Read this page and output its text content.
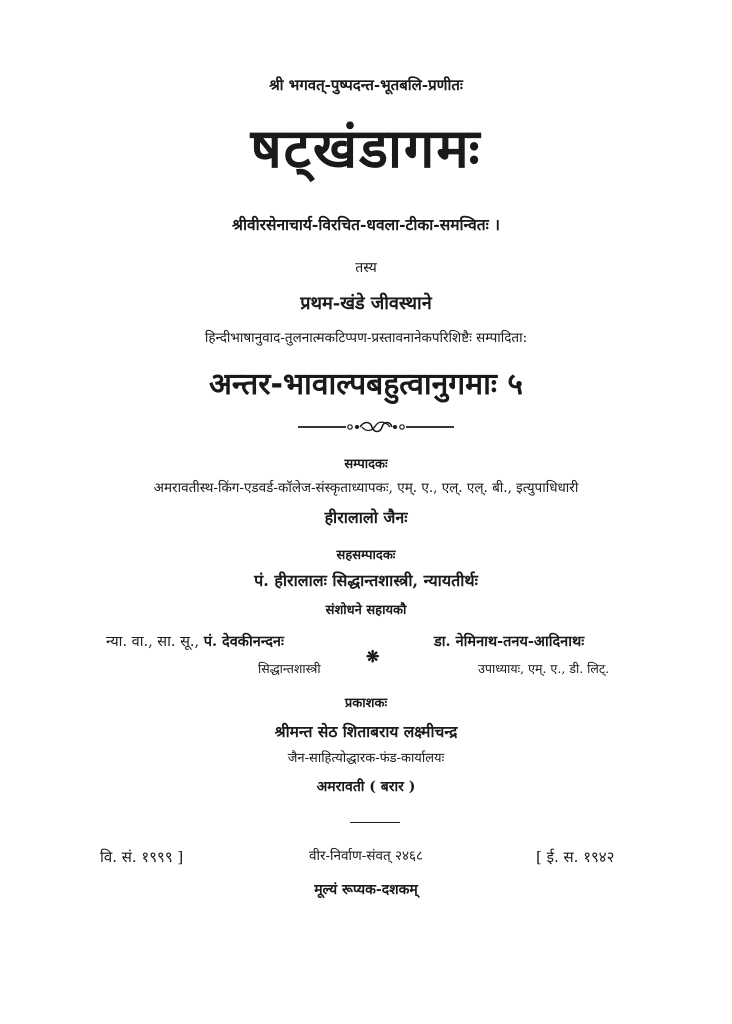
श्री भगवत्-पुष्पदन्त-भूतबलि-प्रणीतः
षट्खंडागमः
श्रीवीरसेनाचार्य-विरचित-धवला-टीका-समन्वितः ।
तस्य
प्रथम-खंडे जीवस्थाने
हिन्दीभाषानुवाद-तुलनात्मकटिप्पण-प्रस्तावनानेकपरिशिष्टैः सम्पादिता:
अन्तर-भावाल्पबहुत्वानुगमाः ५
सम्पादकः
अमरावतीस्थ-किंग-एडवर्ड-कॉलेज-संस्कृताध्यापकः, एम्. ए., एल्. एल्. बी., इत्युपाधिधारी
हीरालालो जैनः
सहसम्पादकः
पं. हीरालालः सिद्धान्तशास्त्री, न्यायतीर्थः
संशोधने सहायकौ
न्या. वा., सा. सू., पं. देवकीनन्दनः
सिद्धान्तशास्त्री
❋
डा. नेमिनाथ-तनय-आदिनाथः
उपाध्यायः, एम्. ए., डी. लिट्.
प्रकाशकः
श्रीमन्त सेठ शिताबराय लक्ष्मीचन्द्र
जैन-साहित्योद्धारक-फंड-कार्यालयः
अमरावती ( बरार )
वि. सं. १९९९ ]	वीर-निर्वाण-संवत् २४६८	[ ई. स. १९४२
मूल्यं रूप्यक-दशकम्
